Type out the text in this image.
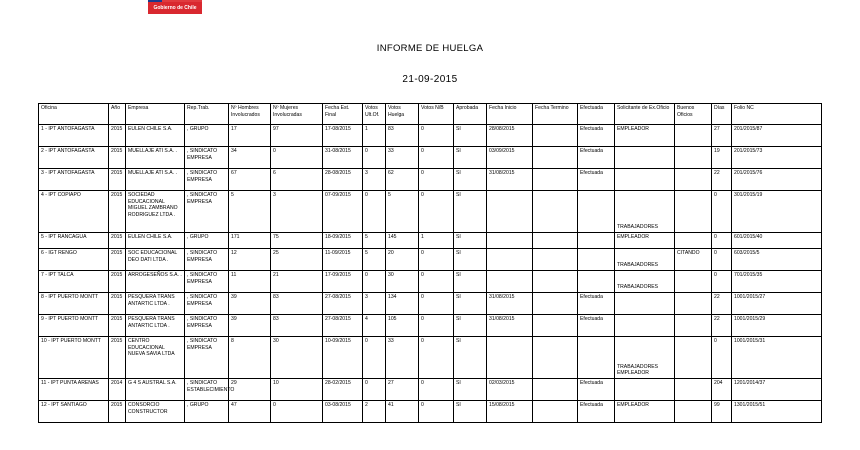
Gobierno de Chile
INFORME DE HUELGA
21-09-2015
Oficina	Año	Empresa	Rep.Trab.	Nº Hombres Involucrados	Nº Mujeres Involucradas	Fecha Est. Final	Votos Ult.Of.	Votos Huelga	Votos N/B	Aprobada	Fecha Inicio	Fecha Termino	Efectuada	Solicitante de Ex.Oficio	Buenos Oficios	Días	Folio NC
1 - IPT ANTOFAGASTA	2015	EULEN CHILE S.A.	, GRUPO	17	97	17-08/2015	1	83	0	SI	28/08/2015		Efectuada	EMPLEADOR		27	201/2015/87
2 - IPT ANTOFAGASTA	2015	MUELLAJE ATI S.A. .	, SINDICATO EMPRESA	34	0	31-08/2015	0	33	0	SI	03/09/2015		Efectuada			19	201/2015/73
3 - IPT ANTOFAGASTA	2015	MUELLAJE ATI S.A. .	, SINDICATO EMPRESA	67	6	28-08/2015	3	62	0	SI	31/08/2015		Efectuada			22	201/2015/76
4 - IPT COPIAPO	2015	SOCIEDAD EDUCACIONAL MIGUEL ZAMBRANO RODRIGUEZ LTDA .	, SINDICATO EMPRESA	5	3	07-09/2015	0	5	0	SI				TRABAJADORES		0	301/2015/19
5 - IPT RANCAGUA	2015	EULEN CHILE S.A.	, GRUPO	171	75	18-09/2015	5	145	1	SI				EMPLEADOR		0	601/2015/40
6 - IGT RENGO	2015	SOC EDUCACIONAL DEO DATI LTDA .	, SINDICATO EMPRESA	12	25	11-09/2015	5	20	0	SI				TRABAJADORES	CITANDO	0	603/2015/5
7 - IPT TALCA	2015	ARROGESEÑOS S.A. .	, SINDICATO EMPRESA	11	21	17-09/2015	0	30	0	SI				TRABAJADORES		0	701/2015/35
8 - IPT PUERTO MONTT	2015	PESQUERA TRANS ANTARTIC LTDA .	, SINDICATO EMPRESA	39	83	27-08/2015	3	134	0	SI	31/08/2015		Efectuada			22	1001/2015/27
9 - IPT PUERTO MONTT	2015	PESQUERA TRANS ANTARTIC LTDA .	, SINDICATO EMPRESA	39	83	27-08/2015	4	105	0	SI	31/08/2015		Efectuada			22	1001/2015/29
10 - IPT PUERTO MONTT	2015	CENTRO EDUCACIONAL NUEVA SAVIA LTDA	, SINDICATO EMPRESA	8	30	10-09/2015	0	33	0	SI				TRABAJADORES EMPLEADOR		0	1001/2015/31
11 - IPT PUNTA ARENAS	2014	G 4 S AUSTRAL S.A.	, SINDICATO ESTABLECIMIENTO	29	10	28-02/2015	0	27	0	SI	02/03/2015		Efectuada			204	1201/2014/37
12 - IPT SANTIAGO	2015	CONSORCIO CONSTRUCTOR	, GRUPO	47	0	03-08/2015	2	41	0	SI	15/08/2015		Efectuada	EMPLEADOR		99	1301/2015/51
